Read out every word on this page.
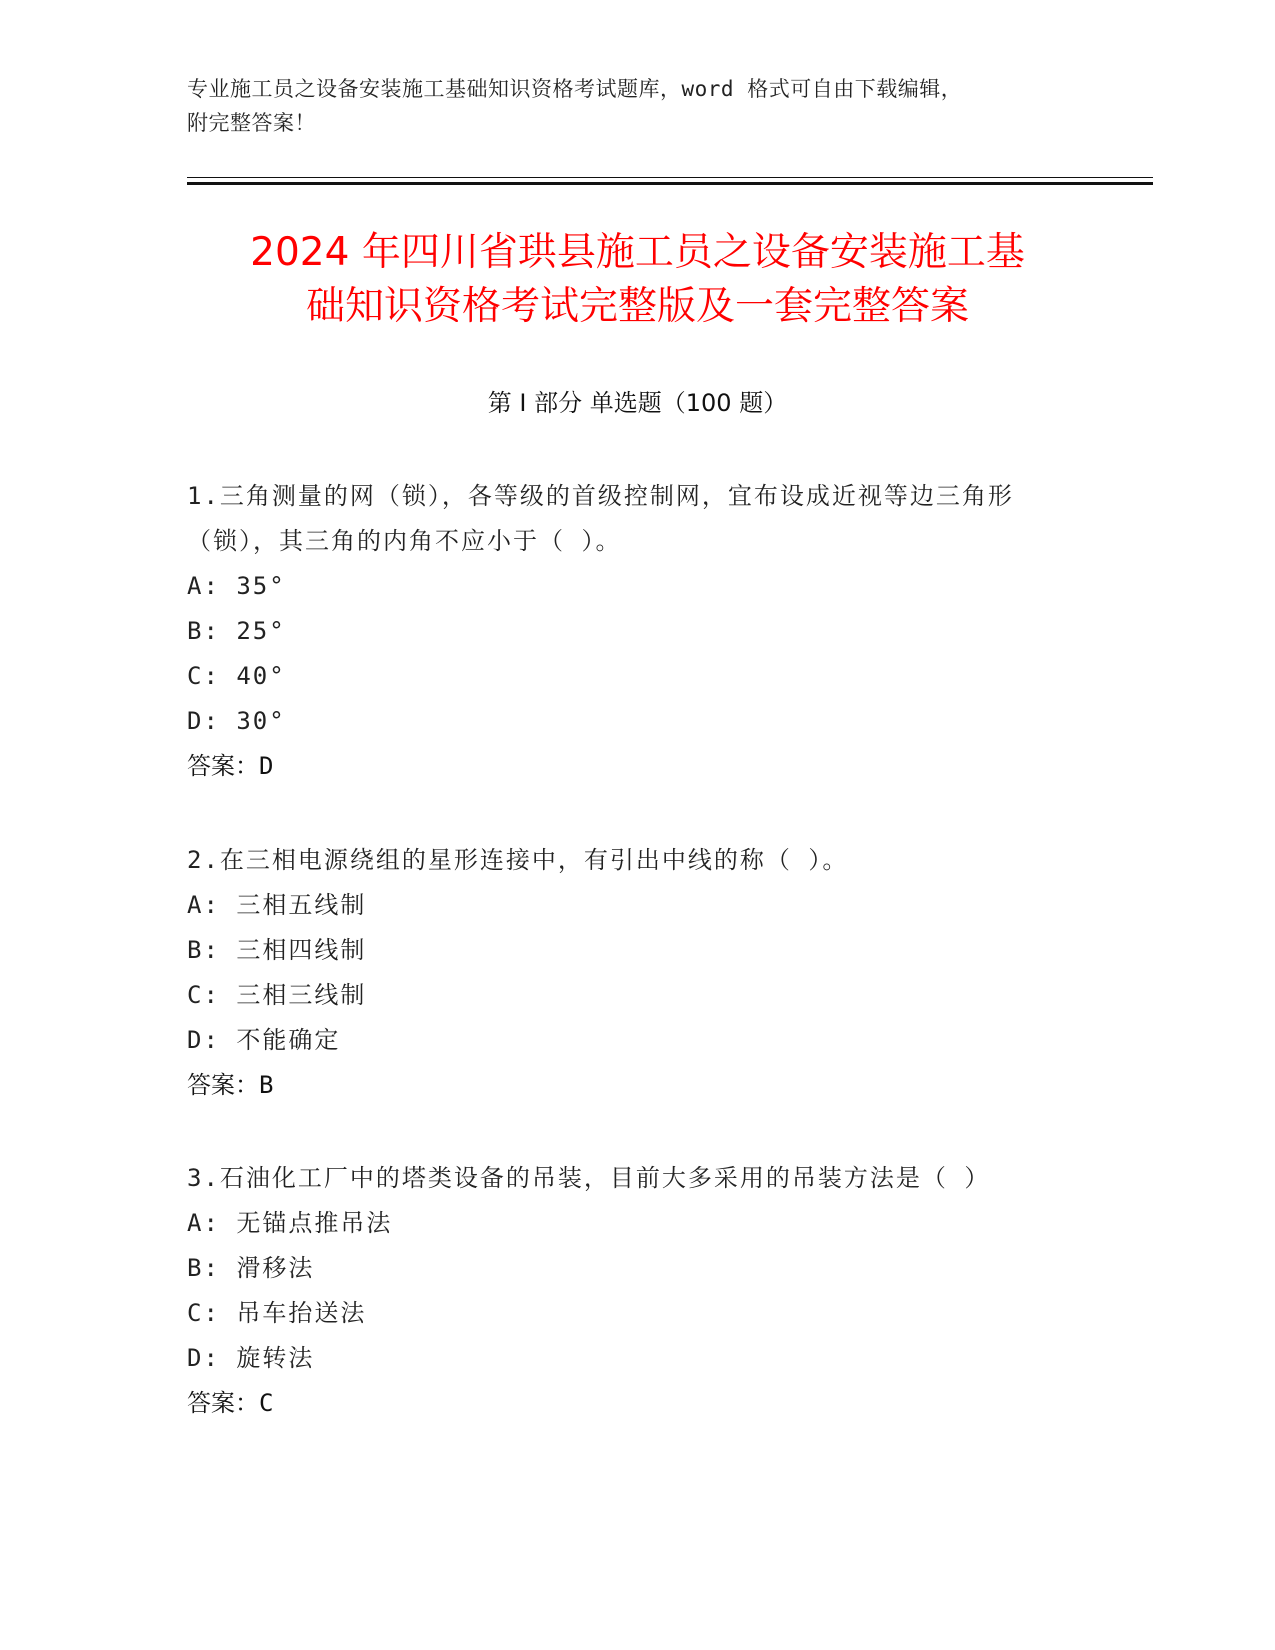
专业施工员之设备安装施工基础知识资格考试题库，word 格式可自由下载编辑，
附完整答案！
2024 年四川省珙县施工员之设备安装施工基
础知识资格考试完整版及一套完整答案
第 I 部分 单选题（100 题）
1.三角测量的网（锁），各等级的首级控制网，宜布设成近视等边三角形（锁），其三角的内角不应小于（ ）。
A: 35°
B: 25°
C: 40°
D: 30°
答案：D
2.在三相电源绕组的星形连接中，有引出中线的称（ ）。
A: 三相五线制
B: 三相四线制
C: 三相三线制
D: 不能确定
答案：B
3.石油化工厂中的塔类设备的吊装，目前大多采用的吊装方法是（ ）
A: 无锚点推吊法
B: 滑移法
C: 吊车抬送法
D: 旋转法
答案：C
